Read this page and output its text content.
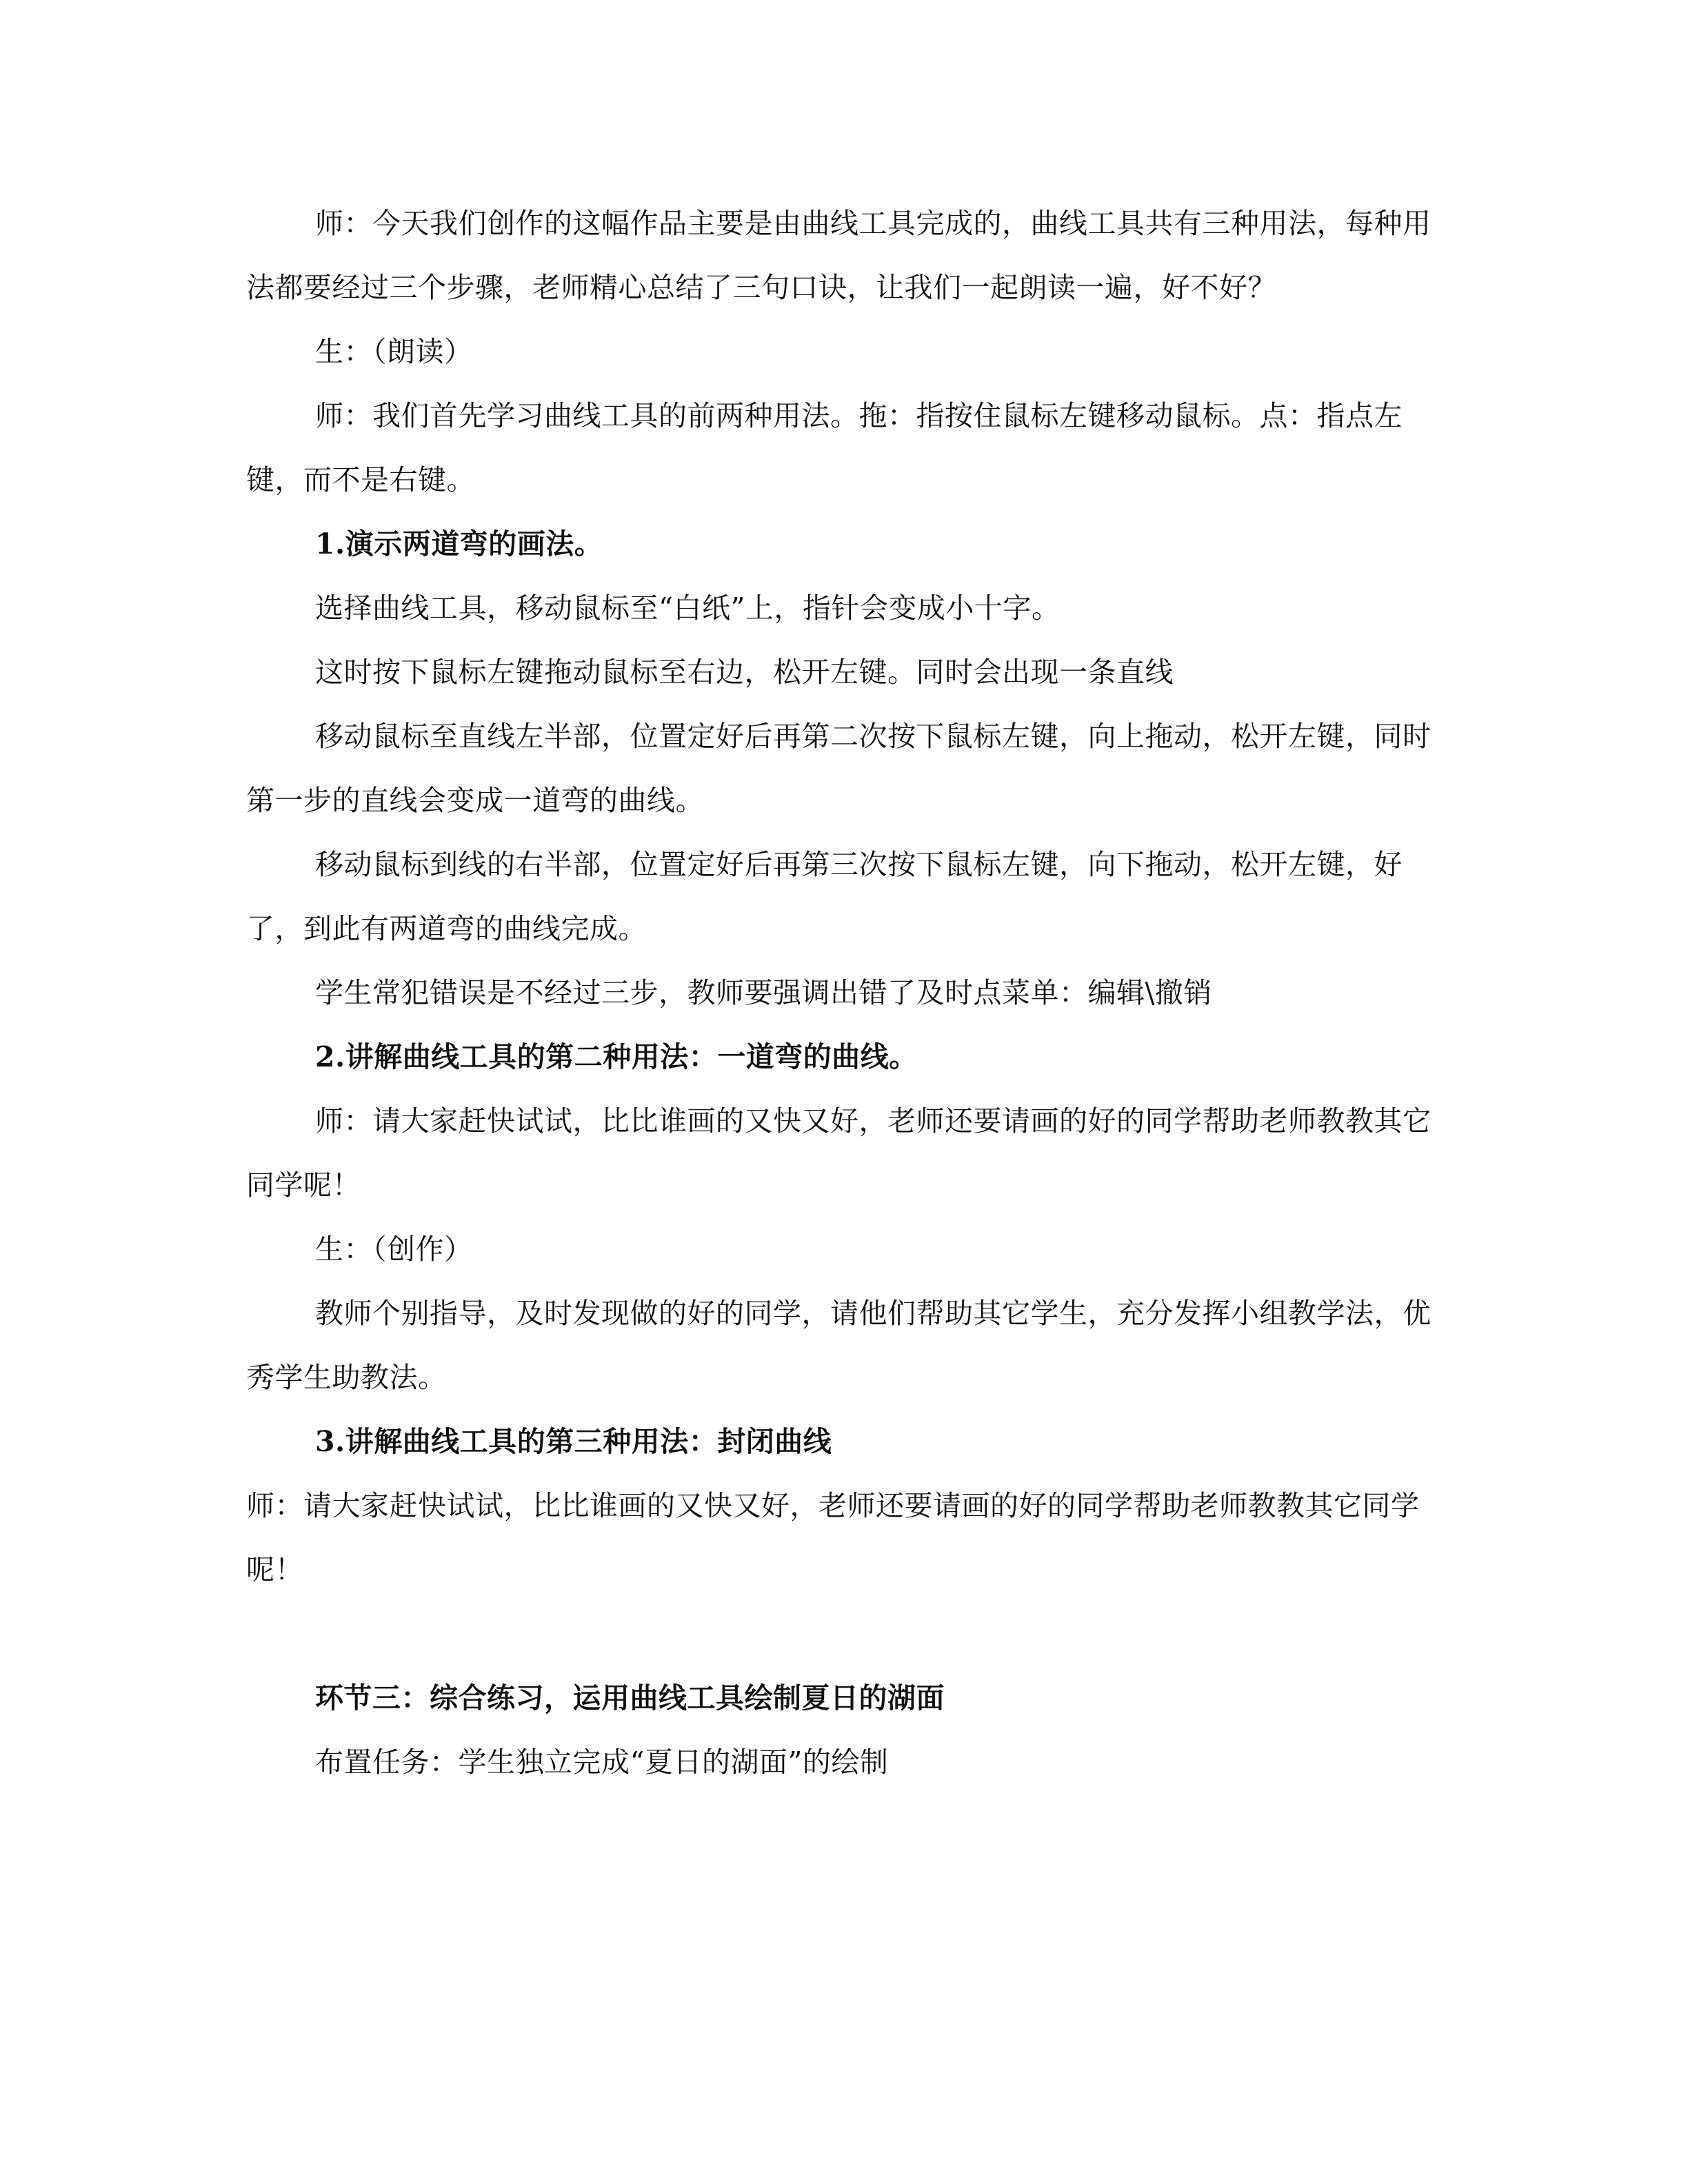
师：今天我们创作的这幅作品主要是由曲线工具完成的，曲线工具共有三种用法，每种用法都要经过三个步骤，老师精心总结了三句口诀，让我们一起朗读一遍，好不好？

生：（朗读）

师：我们首先学习曲线工具的前两种用法。拖：指按住鼠标左键移动鼠标。点：指点左键，而不是右键。

1.演示两道弯的画法。

选择曲线工具，移动鼠标至“白纸”上，指针会变成小十字。

这时按下鼠标左键拖动鼠标至右边，松开左键。同时会出现一条直线

移动鼠标至直线左半部，位置定好后再第二次按下鼠标左键，向上拖动，松开左键，同时第一步的直线会变成一道弯的曲线。

移动鼠标到线的右半部，位置定好后再第三次按下鼠标左键，向下拖动，松开左键，好了，到此有两道弯的曲线完成。

学生常犯错误是不经过三步，教师要强调出错了及时点菜单：编辑\撤销

2.讲解曲线工具的第二种用法：一道弯的曲线。

师：请大家赶快试试，比比谁画的又快又好，老师还要请画的好的同学帮助老师教教其它同学呢！

生：（创作）

教师个别指导，及时发现做的好的同学，请他们帮助其它学生，充分发挥小组教学法，优秀学生助教法。

3.讲解曲线工具的第三种用法：封闭曲线

师：请大家赶快试试，比比谁画的又快又好，老师还要请画的好的同学帮助老师教教其它同学呢！

环节三：综合练习，运用曲线工具绘制夏日的湖面

布置任务：学生独立完成“夏日的湖面”的绘制
